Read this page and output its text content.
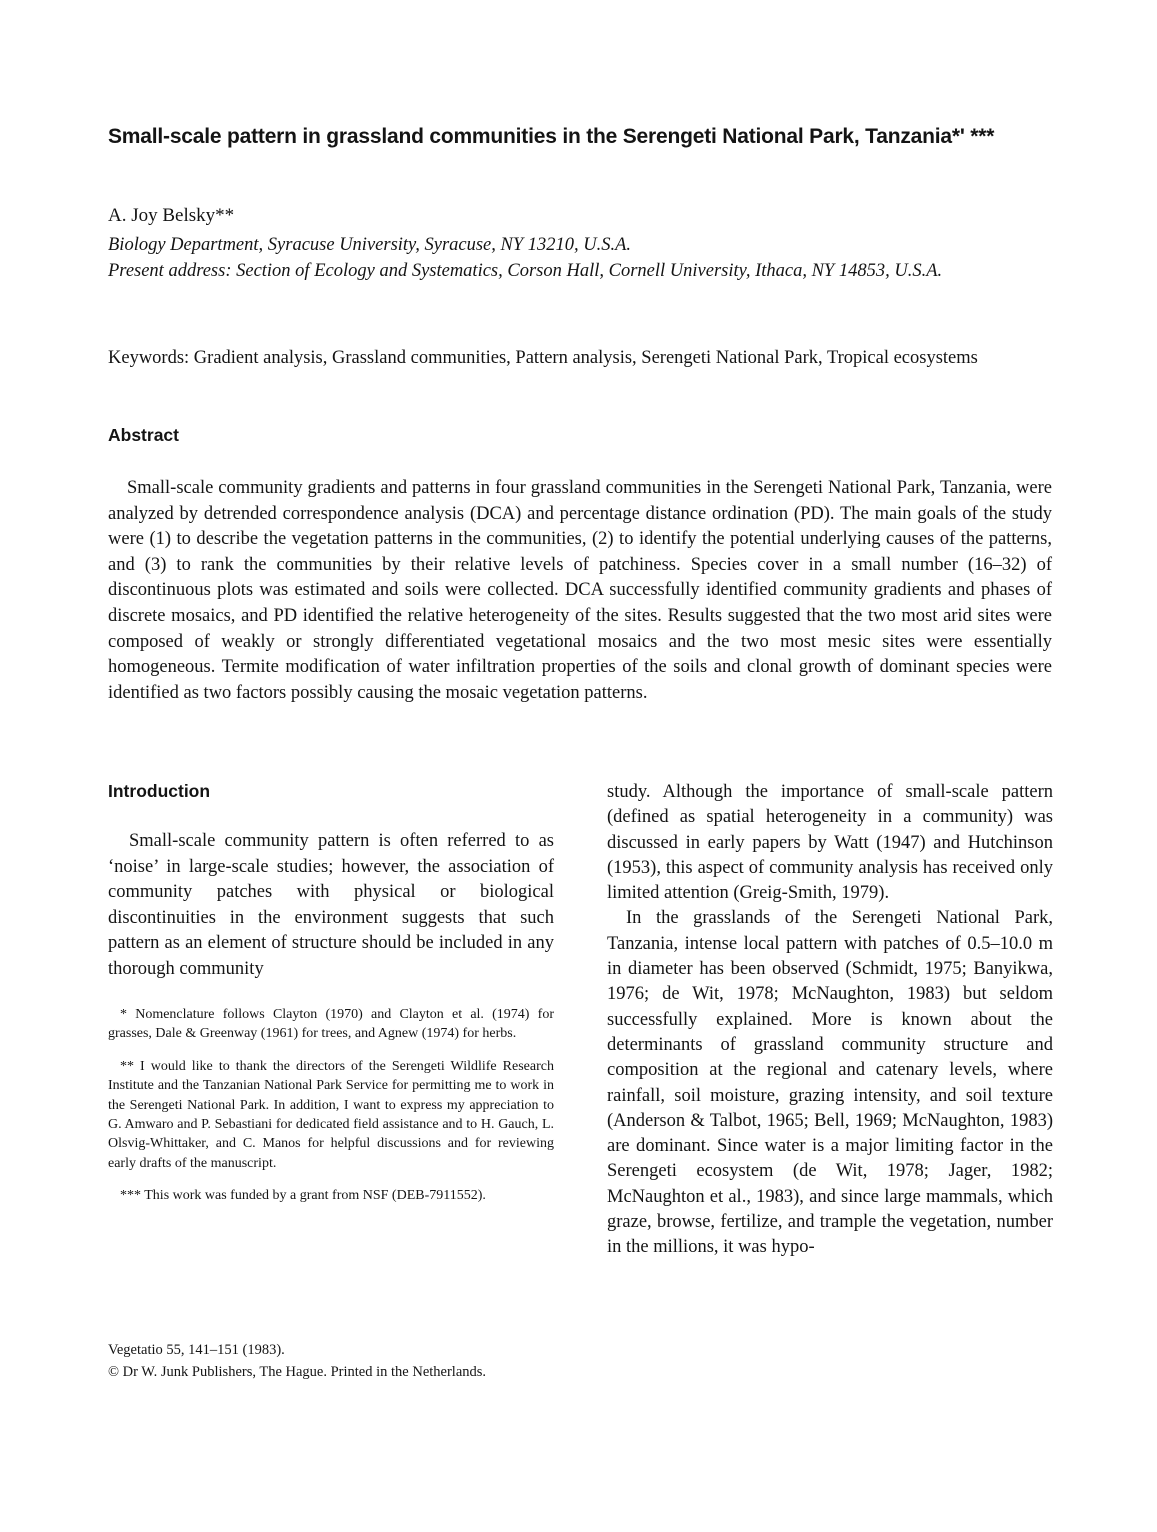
Small-scale pattern in grassland communities in the Serengeti National Park, Tanzania*' ***
A. Joy Belsky**
Biology Department, Syracuse University, Syracuse, NY 13210, U.S.A.
Present address: Section of Ecology and Systematics, Corson Hall, Cornell University, Ithaca, NY 14853, U.S.A.
Keywords: Gradient analysis, Grassland communities, Pattern analysis, Serengeti National Park, Tropical ecosystems
Abstract

Small-scale community gradients and patterns in four grassland communities in the Serengeti National Park, Tanzania, were analyzed by detrended correspondence analysis (DCA) and percentage distance ordination (PD). The main goals of the study were (1) to describe the vegetation patterns in the communities, (2) to identify the potential underlying causes of the patterns, and (3) to rank the communities by their relative levels of patchiness. Species cover in a small number (16–32) of discontinuous plots was estimated and soils were collected. DCA successfully identified community gradients and phases of discrete mosaics, and PD identified the relative heterogeneity of the sites. Results suggested that the two most arid sites were composed of weakly or strongly differentiated vegetational mosaics and the two most mesic sites were essentially homogeneous. Termite modification of water infiltration properties of the soils and clonal growth of dominant species were identified as two factors possibly causing the mosaic vegetation patterns.

Introduction

Small-scale community pattern is often referred to as ‘noise’ in large-scale studies; however, the association of community patches with physical or biological discontinuities in the environment suggests that such pattern as an element of structure should be included in any thorough community

* Nomenclature follows Clayton (1970) and Clayton et al. (1974) for grasses, Dale & Greenway (1961) for trees, and Agnew (1974) for herbs.

** I would like to thank the directors of the Serengeti Wildlife Research Institute and the Tanzanian National Park Service for permitting me to work in the Serengeti National Park. In addition, I want to express my appreciation to G. Amwaro and P. Sebastiani for dedicated field assistance and to H. Gauch, L. Olsvig-Whittaker, and C. Manos for helpful discussions and for reviewing early drafts of the manuscript.

*** This work was funded by a grant from NSF (DEB-7911552).

Vegetatio 55, 141–151 (1983).
© Dr W. Junk Publishers, The Hague. Printed in the Netherlands.

study. Although the importance of small-scale pattern (defined as spatial heterogeneity in a community) was discussed in early papers by Watt (1947) and Hutchinson (1953), this aspect of community analysis has received only limited attention (Greig-Smith, 1979).

In the grasslands of the Serengeti National Park, Tanzania, intense local pattern with patches of 0.5–10.0 m in diameter has been observed (Schmidt, 1975; Banyikwa, 1976; de Wit, 1978; McNaughton, 1983) but seldom successfully explained. More is known about the determinants of grassland community structure and composition at the regional and catenary levels, where rainfall, soil moisture, grazing intensity, and soil texture (Anderson & Talbot, 1965; Bell, 1969; McNaughton, 1983) are dominant. Since water is a major limiting factor in the Serengeti ecosystem (de Wit, 1978; Jager, 1982; McNaughton et al., 1983), and since large mammals, which graze, browse, fertilize, and trample the vegetation, number in the millions, it was hypo-
